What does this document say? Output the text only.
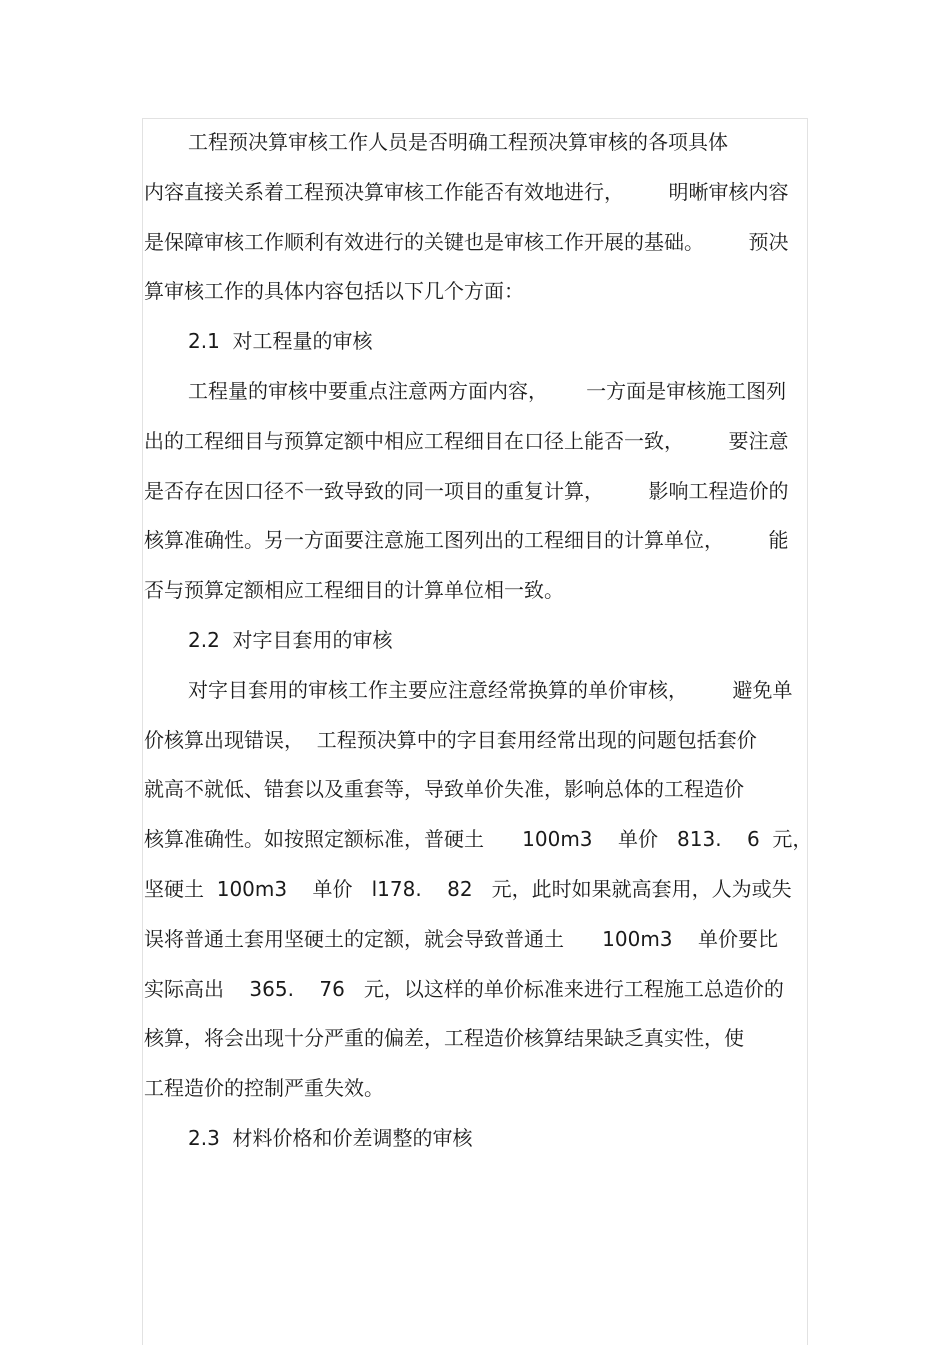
工程预决算审核工作人员是否明确工程预决算审核的各项具体
内容直接关系着工程预决算审核工作能否有效地进行，       明晰审核内容
是保障审核工作顺利有效进行的关键也是审核工作开展的基础。       预决
算审核工作的具体内容包括以下几个方面：
2.1  对工程量的审核
工程量的审核中要重点注意两方面内容，      一方面是审核施工图列
出的工程细目与预算定额中相应工程细目在口径上能否一致，       要注意
是否存在因口径不一致导致的同一项目的重复计算，       影响工程造价的
核算准确性。另一方面要注意施工图列出的工程细目的计算单位，       能
否与预算定额相应工程细目的计算单位相一致。
2.2  对字目套用的审核
对字目套用的审核工作主要应注意经常换算的单价审核，       避免单
价核算出现错误，  工程预决算中的字目套用经常出现的问题包括套价
就高不就低、错套以及重套等，导致单价失准，影响总体的工程造价
核算准确性。如按照定额标准，普硬土      100m3    单价   813.    6  元，
坚硬土  100m3    单价   l178.    82   元，此时如果就高套用，人为或失
误将普通土套用坚硬土的定额，就会导致普通土      100m3    单价要比
实际高出    365.    76   元，以这样的单价标准来进行工程施工总造价的
核算，将会出现十分严重的偏差，工程造价核算结果缺乏真实性，使
工程造价的控制严重失效。
2.3  材料价格和价差调整的审核
